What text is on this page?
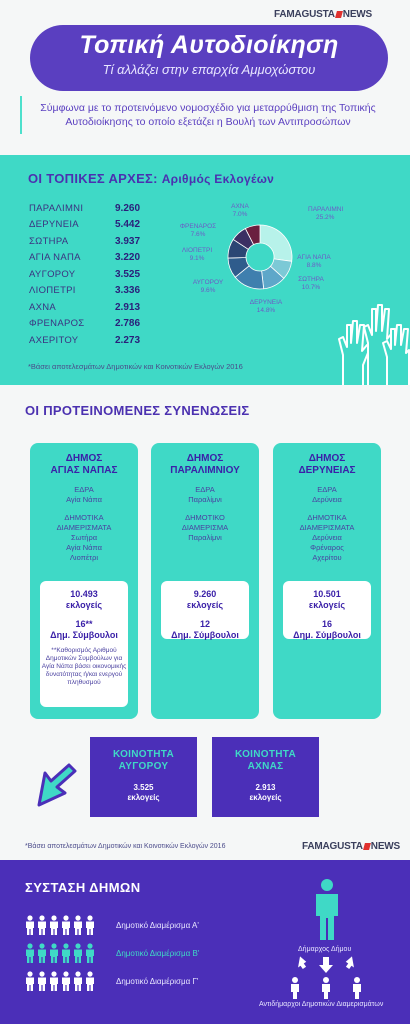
FAMAGUSTA NEWS
Τοπική Αυτοδιοίκηση
Τί αλλάζει στην επαρχία Αμμοχώστου
Σύμφωνα με το προτεινόμενο νομοσχέδιο για μεταρρύθμιση της Τοπικής Αυτοδιοίκησης το οποίο εξετάζει η Βουλή των Αντιπροσώπων
ΟΙ ΤΟΠΙΚΕΣ ΑΡΧΕΣ: Αριθμός Εκλογέων
ΠΑΡΑΛΙΜΝΙ	9.260
ΔΕΡΥΝΕΙΑ	5.442
ΣΩΤΗΡΑ	3.937
ΑΓΙΑ ΝΑΠΑ	3.220
ΑΥΓΟΡΟΥ	3.525
ΛΙΟΠΕΤΡΙ	3.336
ΑΧΝΑ	2.913
ΦΡΕΝΑΡΟΣ	2.786
ΑΧΕΡΙΤΟΥ	2.273
ΠΑΡΑΛΙΜΝΙ
25.2%
ΑΓΙΑ ΝΑΠΑ
8.8%
ΣΩΤΗΡΑ
10.7%
ΔΕΡΥΝΕΙΑ
14.8%
ΑΥΓΟΡΟΥ
9.6%
ΛΙΟΠΕΤΡΙ
9.1%
ΦΡΕΝΑΡΟΣ
7.6%
ΑΧΝΑ
7.0%
*Βάσει αποτελεσμάτων Δημοτικών και Κοινοτικών Εκλογών 2016
ΟΙ ΠΡΟΤΕΙΝΟΜΕΝΕΣ ΣΥΝΕΝΩΣΕΙΣ
ΔΗΜΟΣ
ΑΓΙΑΣ ΝΑΠΑΣ
ΕΔΡΑ
Αγία Νάπα
ΔΗΜΟΤΙΚΑ
ΔΙΑΜΕΡΙΣΜΑΤΑ
Σωτήρα
Αγία Νάπα
Λιοπέτρι
10.493
εκλογείς
16**
Δημ. Σύμβουλοι
**Καθορισμός Αριθμού Δημοτικών Συμβούλων για Αγία Νάπα βάσει οικονομικής δυνατότητας ή/και ενεργού πληθυσμού
ΔΗΜΟΣ
ΠΑΡΑΛΙΜΝΙΟΥ
ΕΔΡΑ
Παραλίμνι
ΔΗΜΟΤΙΚΟ
ΔΙΑΜΕΡΙΣΜΑ
Παραλίμνι
9.260
εκλογείς
12
Δημ. Σύμβουλοι
ΔΗΜΟΣ
ΔΕΡΥΝΕΙΑΣ
ΕΔΡΑ
Δερύνεια
ΔΗΜΟΤΙΚΑ
ΔΙΑΜΕΡΙΣΜΑΤΑ
Δερύνεια
Φρέναρος
Αχερίτου
10.501
εκλογείς
16
Δημ. Σύμβουλοι
ΚΟΙΝΟΤΗΤΑ
ΑΥΓΟΡΟΥ
3.525
εκλογείς
ΚΟΙΝΟΤΗΤΑ
ΑΧΝΑΣ
2.913
εκλογείς
*Βάσει αποτελεσμάτων Δημοτικών και Κοινοτικών Εκλογών 2016	FAMAGUSTA NEWS
ΣΥΣΤΑΣΗ ΔΗΜΩΝ
Δημοτικό Διαμέρισμα Α'
Δημοτικό Διαμέρισμα Β'
Δημοτικό Διαμέρισμα Γ'
Δήμαρχος Δήμου
Αντιδήμαρχοι Δημοτικών Διαμερισμάτων
